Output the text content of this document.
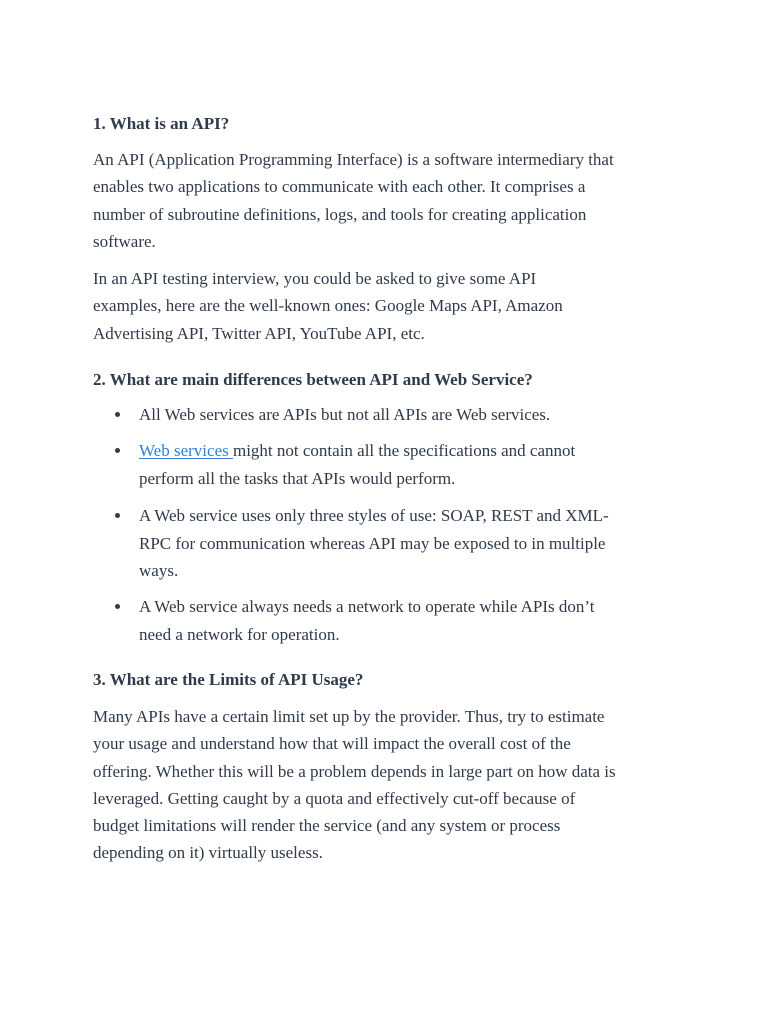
1. What is an API?

An API (Application Programming Interface) is a software intermediary that
enables two applications to communicate with each other. It comprises a
number of subroutine definitions, logs, and tools for creating application
software.

In an API testing interview, you could be asked to give some API
examples, here are the well-known ones: Google Maps API, Amazon
Advertising API, Twitter API, YouTube API, etc.

2. What are main differences between API and Web Service?
All Web services are APIs but not all APIs are Web services.
Web services might not contain all the specifications and cannot
perform all the tasks that APIs would perform.
A Web service uses only three styles of use: SOAP, REST and XML-
RPC for communication whereas API may be exposed to in multiple
ways.
A Web service always needs a network to operate while APIs don’t
need a network for operation.
3. What are the Limits of API Usage?

Many APIs have a certain limit set up by the provider. Thus, try to estimate
your usage and understand how that will impact the overall cost of the
offering. Whether this will be a problem depends in large part on how data is
leveraged. Getting caught by a quota and effectively cut-off because of
budget limitations will render the service (and any system or process
depending on it) virtually useless.
